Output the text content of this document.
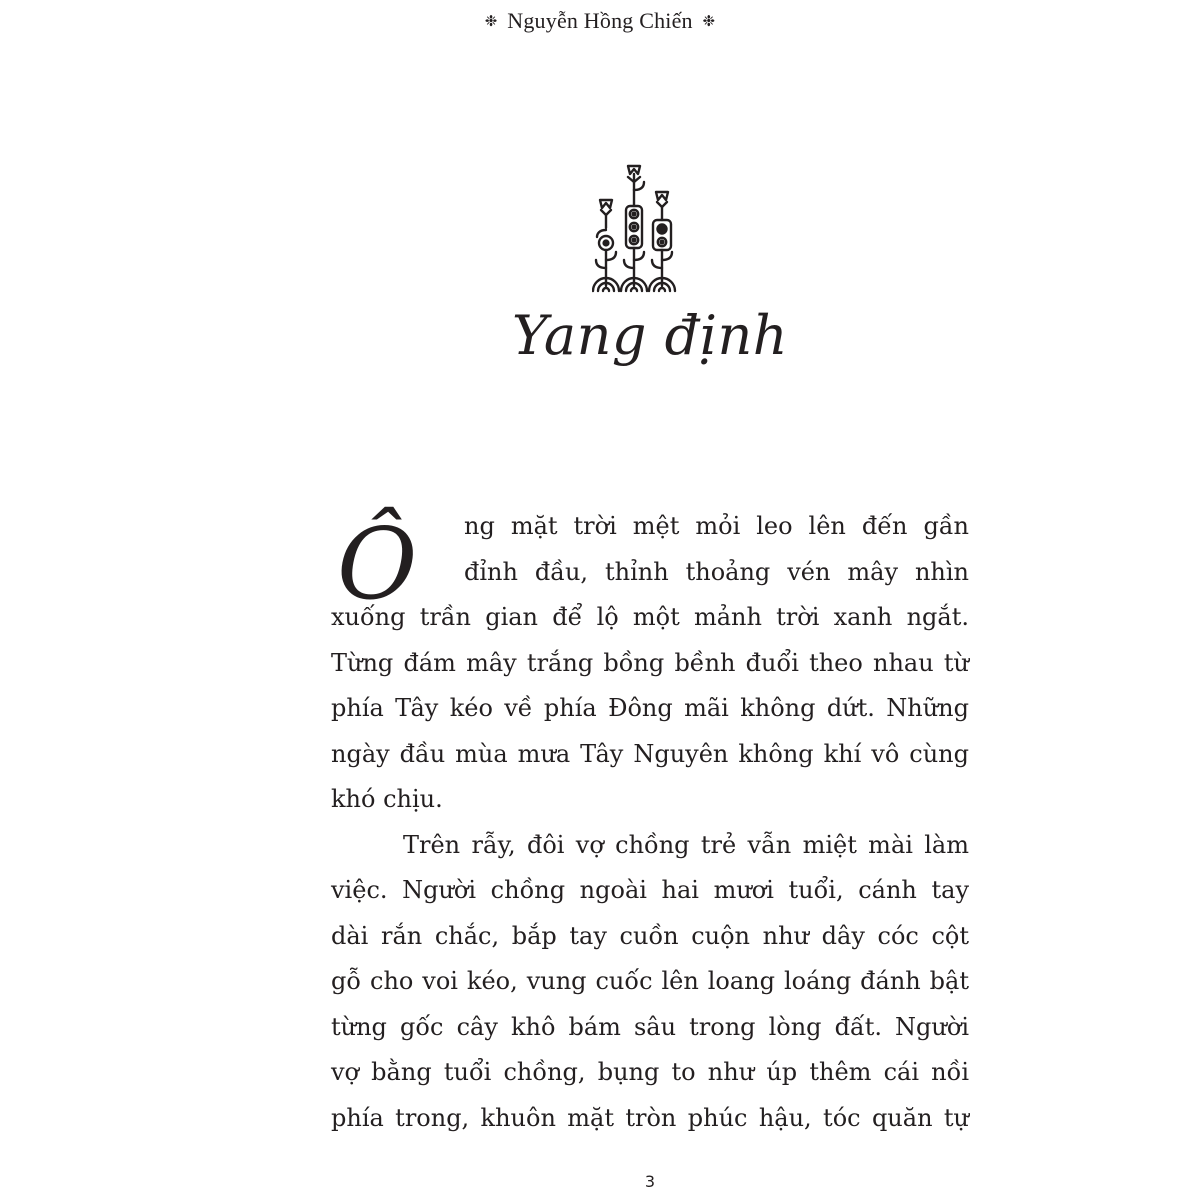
❉ Nguyễn Hồng Chiến ❉
Yang định
Ô	ng mặt trời mệt mỏi leo lên đến gần
đỉnh đầu, thỉnh thoảng vén mây nhìn
xuống trần gian để lộ một mảnh trời xanh ngắt.
Từng đám mây trắng bồng bềnh đuổi theo nhau từ
phía Tây kéo về phía Đông mãi không dứt. Những
ngày đầu mùa mưa Tây Nguyên không khí vô cùng
khó chịu.
Trên rẫy, đôi vợ chồng trẻ vẫn miệt mài làm
việc. Người chồng ngoài hai mươi tuổi, cánh tay
dài rắn chắc, bắp tay cuồn cuộn như dây cóc cột
gỗ cho voi kéo, vung cuốc lên loang loáng đánh bật
từng gốc cây khô bám sâu trong lòng đất. Người
vợ bằng tuổi chồng, bụng to như úp thêm cái nồi
phía trong, khuôn mặt tròn phúc hậu, tóc quăn tự
3
